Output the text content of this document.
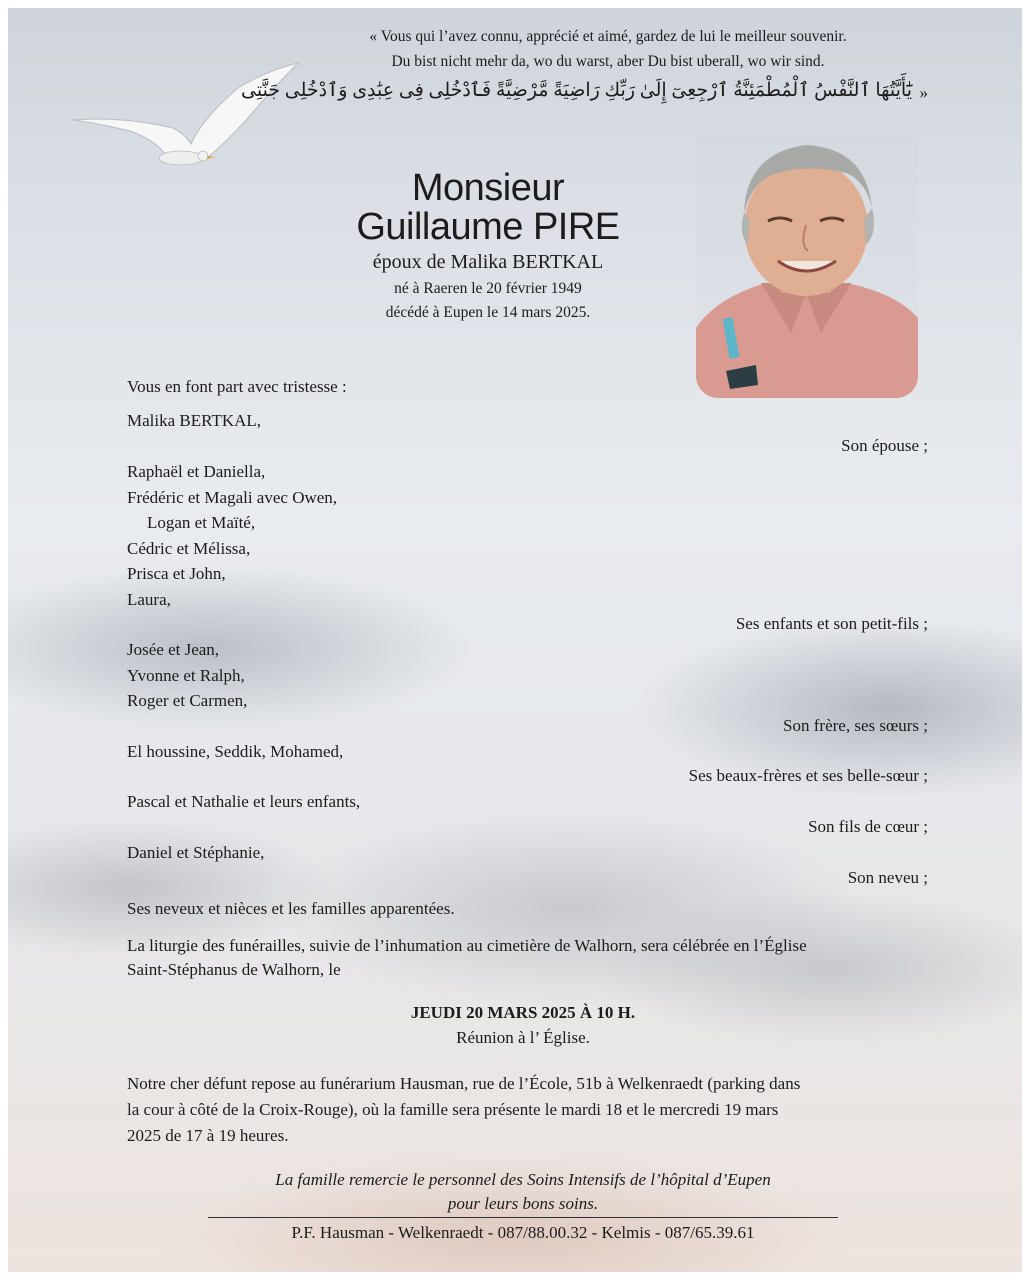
« Vous qui l’avez connu, apprécié et aimé, gardez de lui le meilleur souvenir.
Du bist nicht mehr da, wo du warst, aber Du bist uberall, wo wir sind.
»
يَٰٓأَيَّتُهَا ٱلنَّفْسُ ٱلْمُطْمَئِنَّةُ ٱرْجِعِىٓ إِلَىٰ رَبِّكِ رَاضِيَةً مَّرْضِيَّةً فَٱدْخُلِى فِى عِبَٰدِى وَٱدْخُلِى جَنَّتِى
Monsieur
Guillaume PIRE
époux de Malika BERTKAL
né à Raeren le 20 février 1949
décédé à Eupen le 14 mars 2025.
Vous en font part avec tristesse :
Malika BERTKAL,
Son épouse ;
Raphaël et Daniella,
Frédéric et Magali avec Owen,
Logan et Maïté,
Cédric et Mélissa,
Prisca et John,
Laura,
Ses enfants et son petit-fils ;
Josée et Jean,
Yvonne et Ralph,
Roger et Carmen,
Son frère, ses sœurs ;
El houssine, Seddik, Mohamed,
Ses beaux-frères et ses belle-sœur ;
Pascal et Nathalie et leurs enfants,
Son fils de cœur ;
Daniel et Stéphanie,
Son neveu ;
Ses neveux et nièces et les familles apparentées.
La liturgie des funérailles, suivie de l’inhumation au cimetière de Walhorn, sera célébrée en l’Église
Saint-Stéphanus de Walhorn, le
JEUDI 20 MARS 2025 À 10 H.
Réunion à l’ Église.
Notre cher défunt repose au funérarium Hausman, rue de l’École, 51b à Welkenraedt (parking dans
la cour à côté de la Croix-Rouge), où la famille sera présente le mardi 18 et le mercredi 19 mars
2025 de 17 à 19 heures.
La famille remercie le personnel des Soins Intensifs de l’hôpital d’Eupen
pour leurs bons soins.
P.F. Hausman - Welkenraedt - 087/88.00.32 - Kelmis - 087/65.39.61
